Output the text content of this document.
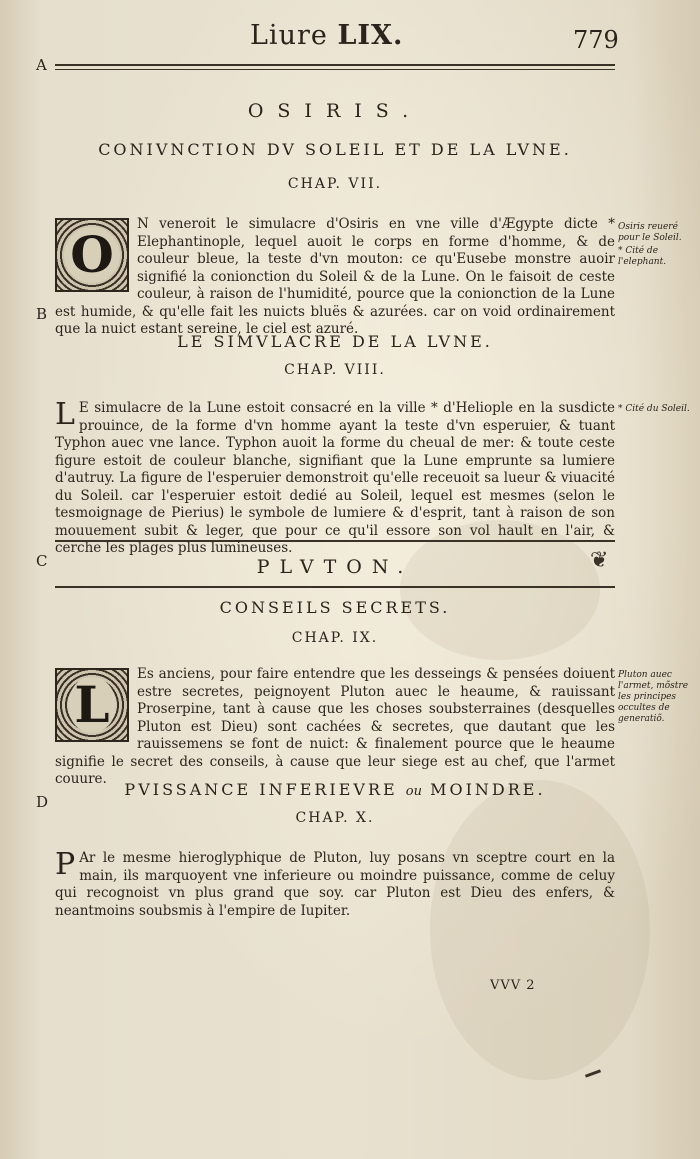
Liure LIX.	779
A
B
C
D
OSIRIS.
CONIVNCTION DV SOLEIL ET DE LA LVNE.
CHAP. VII.
O
N veneroit le simulacre d'Osiris en vne ville d'Ægypte dicte * Elephantinople, lequel auoit le corps en forme d'homme, & de couleur bleue, la teste d'vn mouton: ce qu'Eusebe monstre auoir signifié la conionction du Soleil & de la Lune. On le faisoit de ceste couleur, à raison de l'humidité, pource que la conionction de la Lune est humide, & qu'elle fait les nuicts bluës & azurées. car on void ordinairement que la nuict estant sereine, le ciel est azuré.
Osiris reueré pour le Soleil.
* Cité de l'elephant.
LE SIMVLACRE DE LA LVNE.
CHAP. VIII.
L E simulacre de la Lune estoit consacré en la ville * d'Heliople en la susdicte prouince, de la forme d'vn homme ayant la teste d'vn esperuier, & tuant Typhon auec vne lance. Typhon auoit la forme du cheual de mer: & toute ceste figure estoit de couleur blanche, signifiant que la Lune emprunte sa lumiere d'autruy. La figure de l'esperuier demonstroit qu'elle receuoit sa lueur & viuacité du Soleil. car l'esperuier estoit dedié au Soleil, lequel est mesmes (selon le tesmoignage de Pierius) le symbole de lumiere & d'esprit, tant à raison de son mouuement subit & leger, que pour ce qu'il essore son vol hault en l'air, & cerche les plages plus lumineuses.
* Cité du Soleil.
PLVTON.	❦
CONSEILS SECRETS.
CHAP. IX.
L
Es anciens, pour faire entendre que les desseings & pensées doiuent estre secretes, peignoyent Pluton auec le heaume, & rauissant Proserpine, tant à cause que les choses soubsterraines (desquelles Pluton est Dieu) sont cachées & secretes, que dautant que les rauissemens se font de nuict: & finalement pource que le heaume signifie le secret des conseils, à cause que leur siege est au chef, que l'armet couure.
Pluton auec l'armet, mõstre les principes occultes de generatiõ.
PVISSANCE INFERIEVRE ou MOINDRE.
CHAP. X.
P Ar le mesme hieroglyphique de Pluton, luy posans vn sceptre court en la main, ils marquoyent vne inferieure ou moindre puissance, comme de celuy qui recognoist vn plus grand que soy. car Pluton est Dieu des enfers, & neantmoins soubsmis à l'empire de Iupiter.
VVV 2
